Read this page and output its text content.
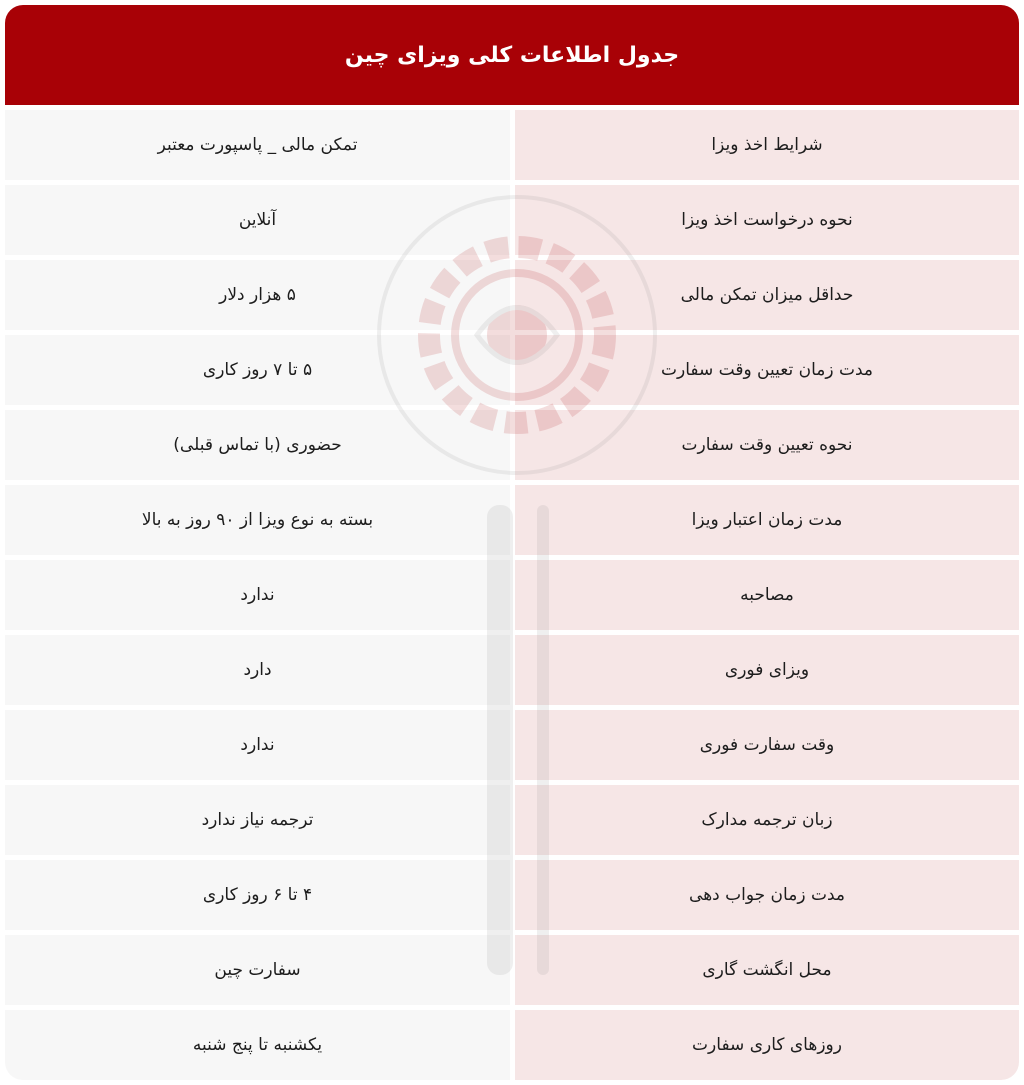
جدول اطلاعات کلی ویزای چین
شرایط اخذ ویزا
تمکن مالی _ پاسپورت معتبر
نحوه درخواست اخذ ویزا
آنلاین
حداقل میزان تمکن مالی
۵ هزار دلار
مدت زمان تعیین وقت سفارت
۵ تا ۷ روز کاری
نحوه تعیین وقت سفارت
حضوری (با تماس قبلی)
مدت زمان اعتبار ویزا
بسته به نوع ویزا از ۹۰ روز به بالا
مصاحبه
ندارد
ویزای فوری
دارد
وقت سفارت فوری
ندارد
زبان ترجمه مدارک
ترجمه نیاز ندارد
مدت زمان جواب دهی
۴ تا ۶ روز کاری
محل انگشت گاری
سفارت چین
روزهای کاری سفارت
یکشنبه تا پنج شنبه
